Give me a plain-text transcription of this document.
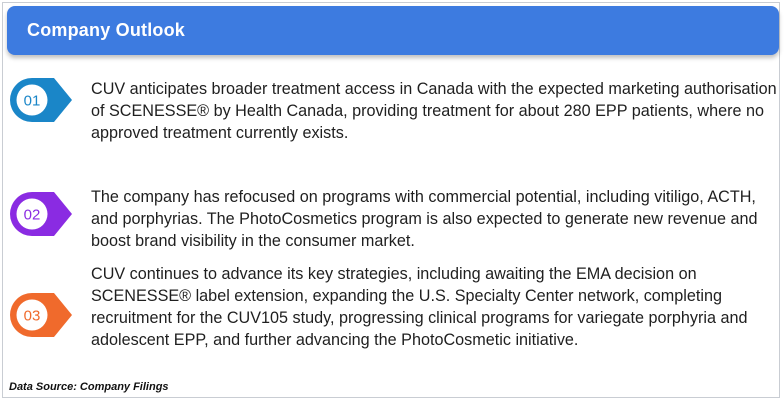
Company Outlook
01
CUV anticipates broader treatment access in Canada with the expected marketing authorisation of SCENESSE® by Health Canada, providing treatment for about 280 EPP patients, where no approved treatment currently exists.
02
The company has refocused on programs with commercial potential, including vitiligo, ACTH, and porphyrias. The PhotoCosmetics program is also expected to generate new revenue and boost brand visibility in the consumer market.
03
CUV continues to advance its key strategies, including awaiting the EMA decision on SCENESSE® label extension, expanding the U.S. Specialty Center network, completing recruitment for the CUV105 study, progressing clinical programs for variegate porphyria and adolescent EPP, and further advancing the PhotoCosmetic initiative.
Data Source: Company Filings
